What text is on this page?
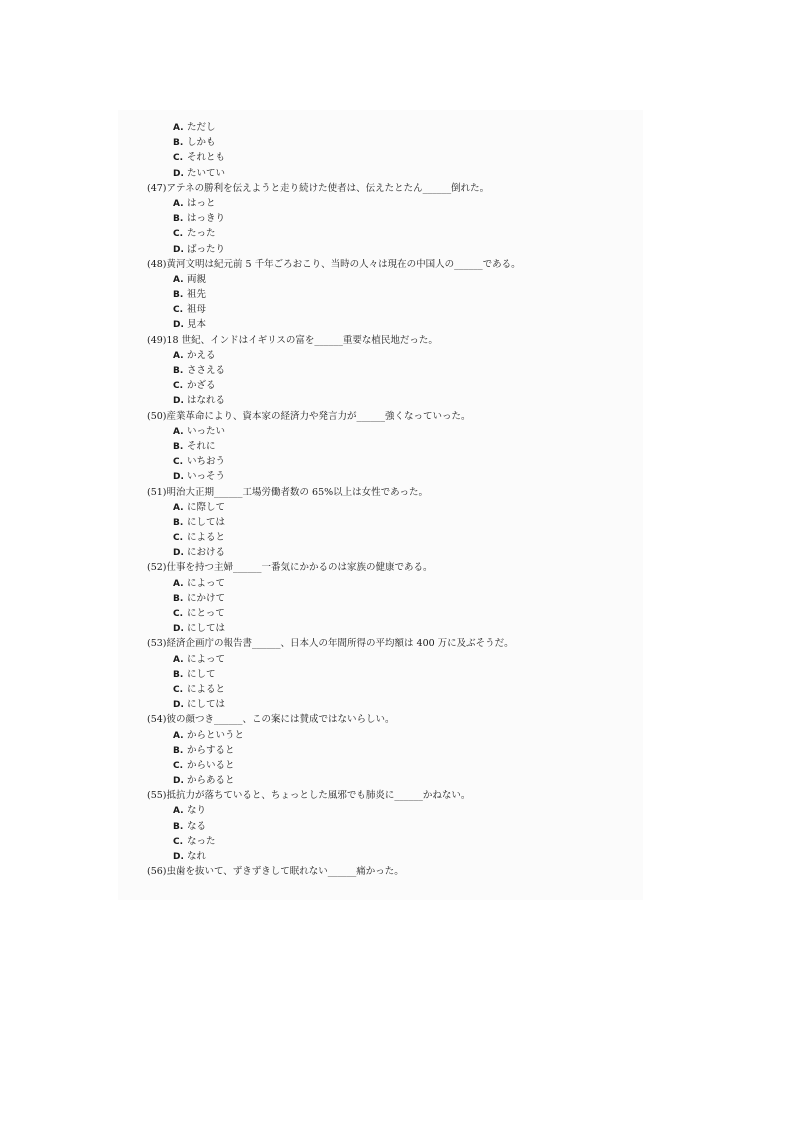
A. ただし
B. しかも
C. それとも
D. たいてい
(47)アテネの勝利を伝えようと走り続けた使者は、伝えたとたん______倒れた。
A. はっと
B. はっきり
C. たった
D. ばったり
(48)黄河文明は紀元前 5 千年ごろおこり、当時の人々は現在の中国人の______である。
A. 両親
B. 祖先
C. 祖母
D. 見本
(49)18 世紀、インドはイギリスの富を______重要な植民地だった。
A. かえる
B. ささえる
C. かざる
D. はなれる
(50)産業革命により、資本家の経済力や発言力が______強くなっていった。
A. いったい
B. それに
C. いちおう
D. いっそう
(51)明治大正期______工場労働者数の 65%以上は女性であった。
A. に際して
B. にしては
C. によると
D. における
(52)仕事を持つ主婦______一番気にかかるのは家族の健康である。
A. によって
B. にかけて
C. にとって
D. にしては
(53)経済企画庁の報告書______、日本人の年間所得の平均額は 400 万に及ぶそうだ。
A. によって
B. にして
C. によると
D. にしては
(54)彼の顔つき______、この案には賛成ではないらしい。
A. からというと
B. からすると
C. からいると
D. からあると
(55)抵抗力が落ちていると、ちょっとした風邪でも肺炎に______かねない。
A. なり
B. なる
C. なった
D. なれ
(56)虫歯を抜いて、ずきずきして眠れない______痛かった。
